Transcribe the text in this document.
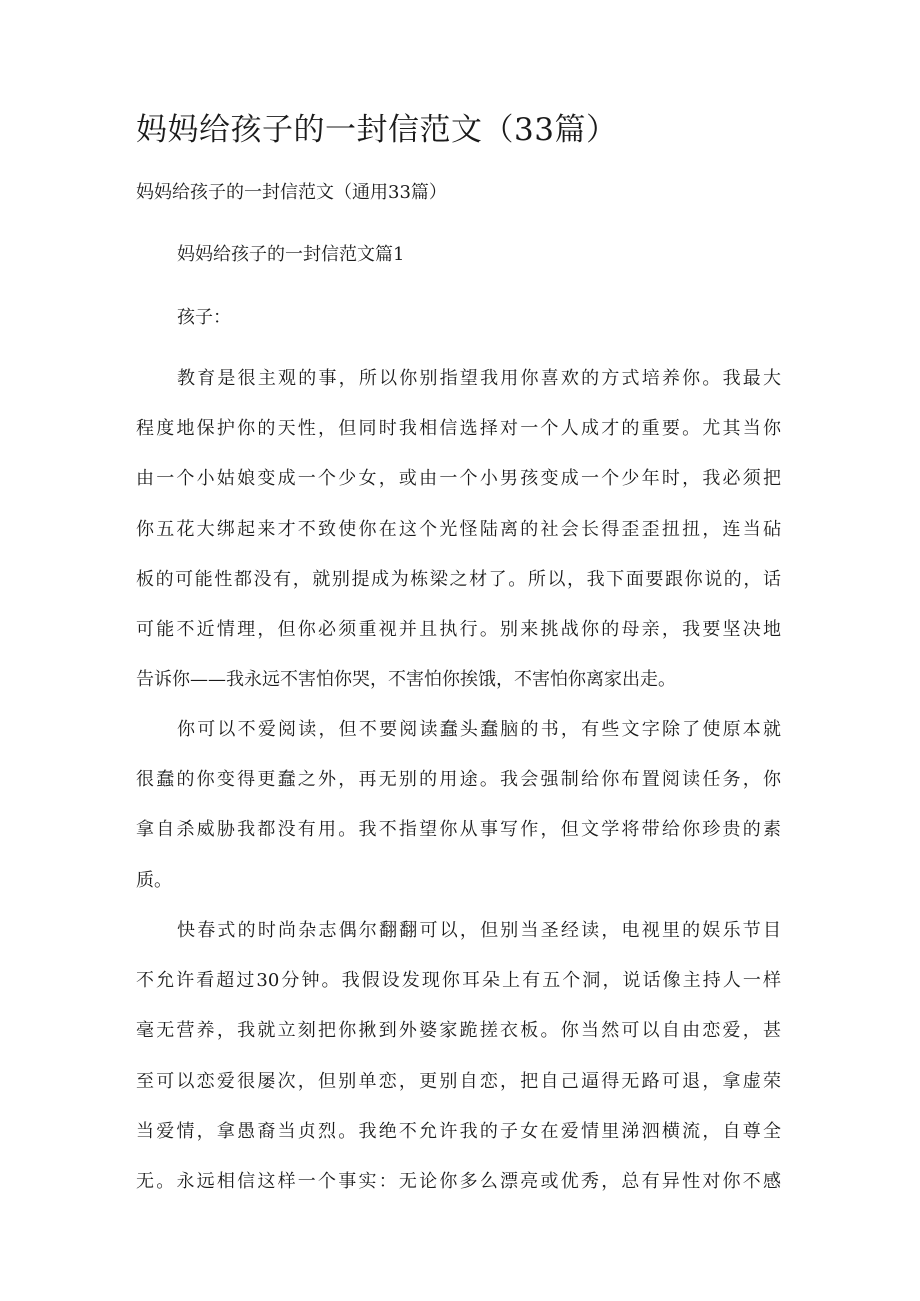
妈妈给孩子的一封信范文（33篇）
妈妈给孩子的一封信范文（通用33篇）
妈妈给孩子的一封信范文篇1
孩子：
教育是很主观的事，所以你别指望我用你喜欢的方式培养你。我最大
程度地保护你的天性，但同时我相信选择对一个人成才的重要。尤其当你
由一个小姑娘变成一个少女，或由一个小男孩变成一个少年时，我必须把
你五花大绑起来才不致使你在这个光怪陆离的社会长得歪歪扭扭，连当砧
板的可能性都没有，就别提成为栋梁之材了。所以，我下面要跟你说的，话
可能不近情理，但你必须重视并且执行。别来挑战你的母亲，我要坚决地
告诉你——我永远不害怕你哭，不害怕你挨饿，不害怕你离家出走。
你可以不爱阅读，但不要阅读蠢头蠢脑的书，有些文字除了使原本就
很蠢的你变得更蠢之外，再无别的用途。我会强制给你布置阅读任务，你
拿自杀威胁我都没有用。我不指望你从事写作，但文学将带给你珍贵的素
质。
快春式的时尚杂志偶尔翻翻可以，但别当圣经读，电视里的娱乐节目
不允许看超过30分钟。我假设发现你耳朵上有五个洞，说话像主持人一样
毫无营养，我就立刻把你揪到外婆家跪搓衣板。你当然可以自由恋爱，甚
至可以恋爱很屡次，但别单恋，更别自恋，把自己逼得无路可退，拿虚荣
当爱情，拿愚裔当贞烈。我绝不允许我的子女在爱情里涕泗横流，自尊全
无。永远相信这样一个事实：无论你多么漂亮或优秀，总有异性对你不感
